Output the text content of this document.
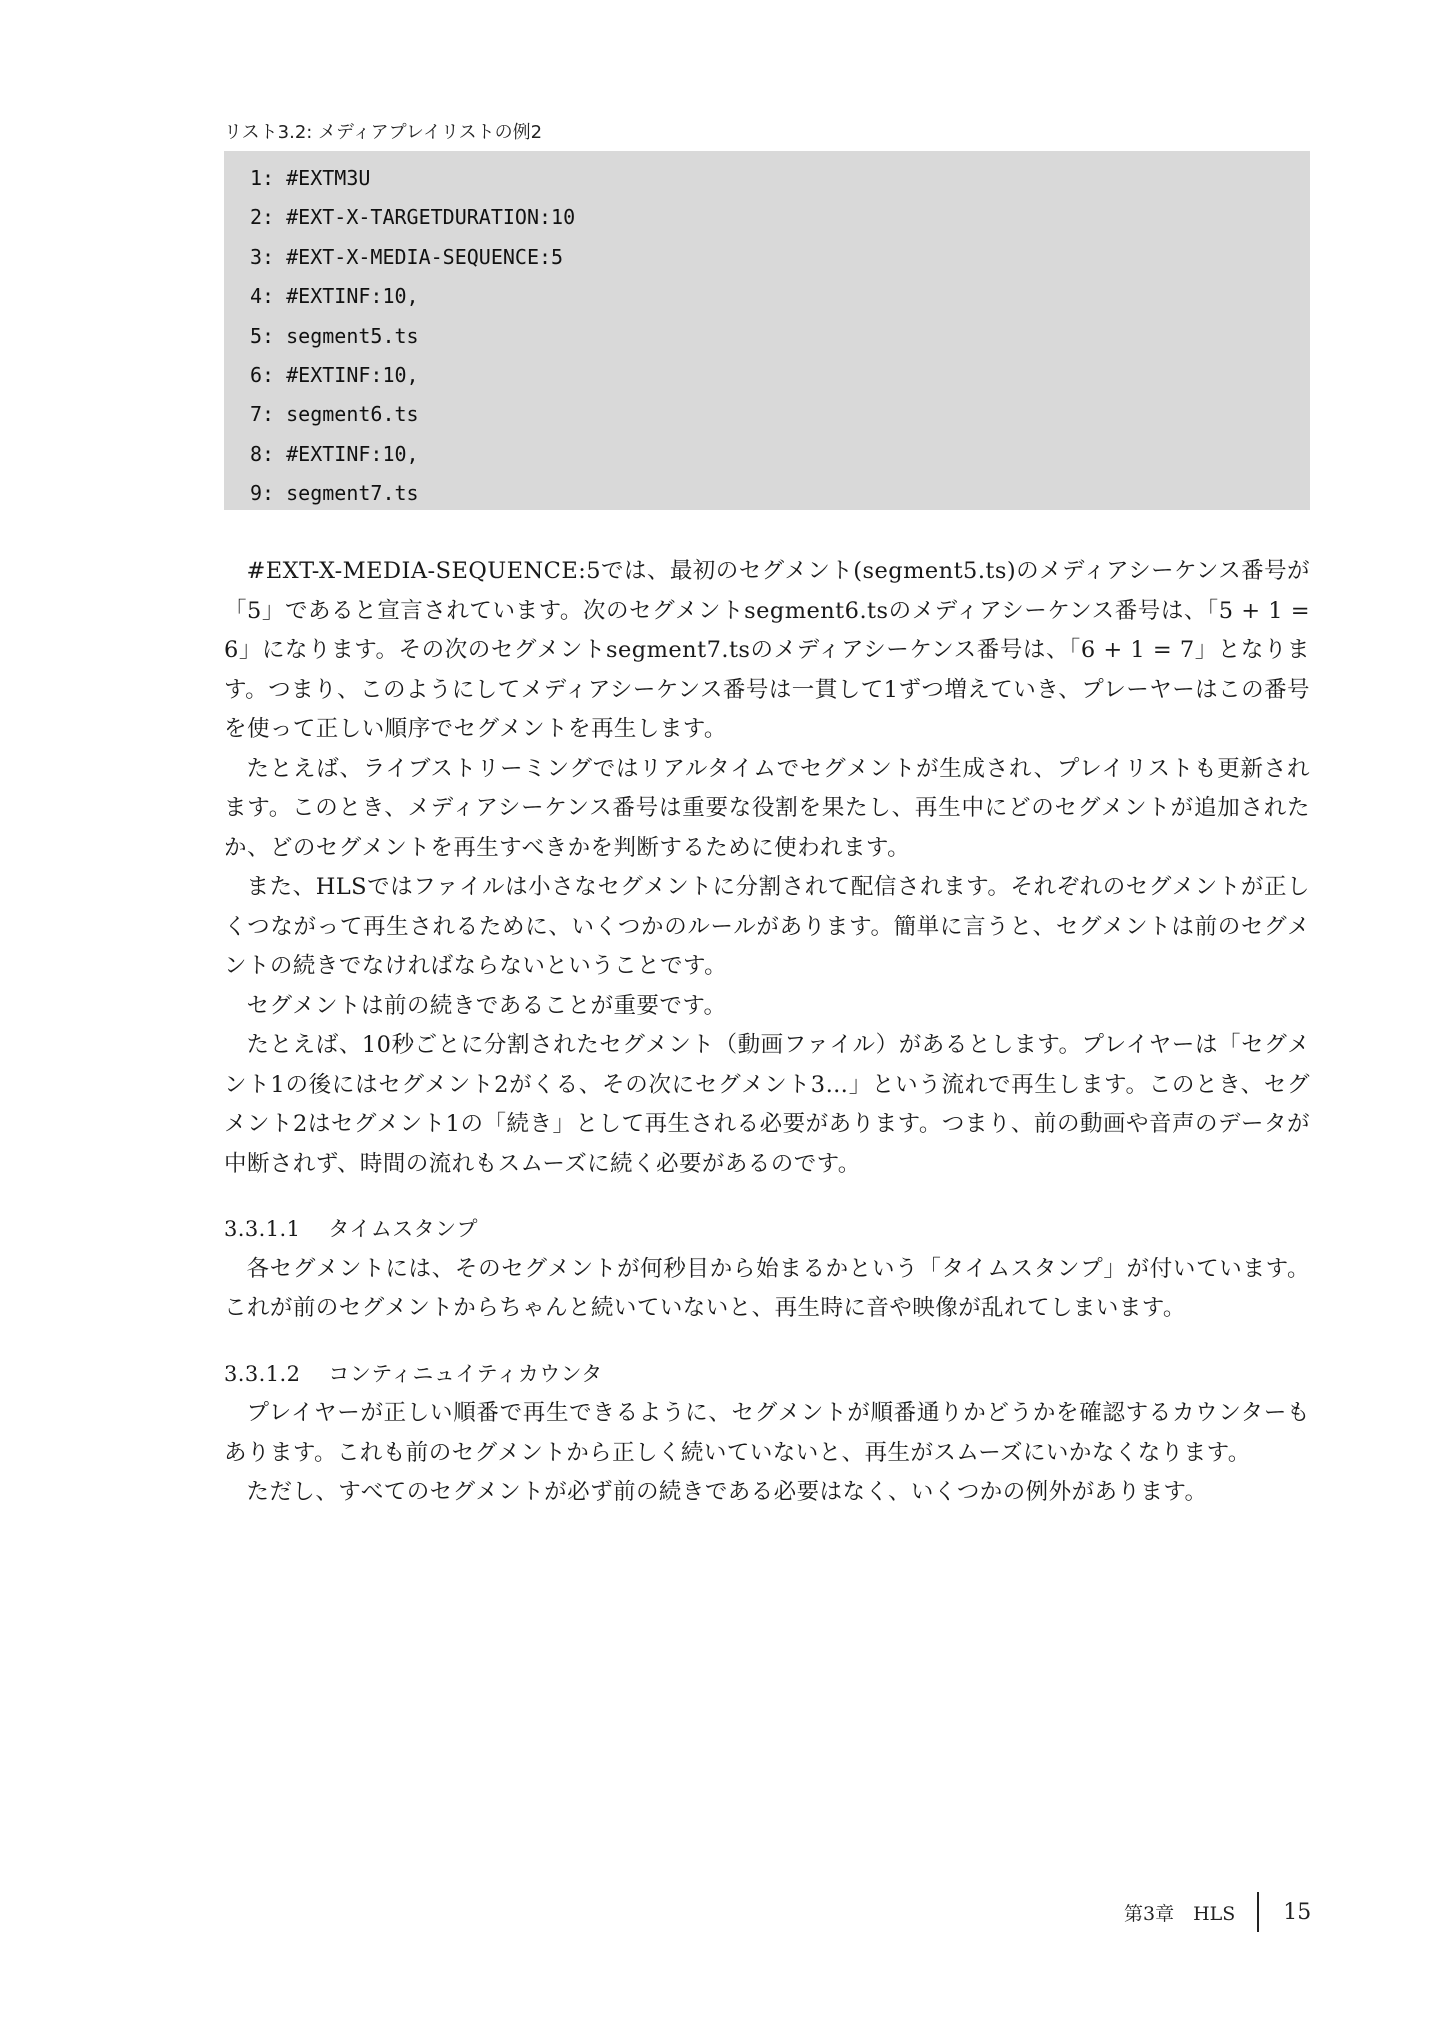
リスト3.2: メディアプレイリストの例2
1: #EXTM3U
2: #EXT-X-TARGETDURATION:10
3: #EXT-X-MEDIA-SEQUENCE:5
4: #EXTINF:10,
5: segment5.ts
6: #EXTINF:10,
7: segment6.ts
8: #EXTINF:10,
9: segment7.ts

#EXT-X-MEDIA-SEQUENCE:5では、最初のセグメント(segment5.ts)のメディアシーケンス番号が「5」であると宣言されています。次のセグメントsegment6.tsのメディアシーケンス番号は、「5 + 1 = 6」になります。その次のセグメントsegment7.tsのメディアシーケンス番号は、「6 + 1 = 7」となります。つまり、このようにしてメディアシーケンス番号は一貫して1ずつ増えていき、プレーヤーはこの番号を使って正しい順序でセグメントを再生します。

たとえば、ライブストリーミングではリアルタイムでセグメントが生成され、プレイリストも更新されます。このとき、メディアシーケンス番号は重要な役割を果たし、再生中にどのセグメントが追加されたか、どのセグメントを再生すべきかを判断するために使われます。

また、HLSではファイルは小さなセグメントに分割されて配信されます。それぞれのセグメントが正しくつながって再生されるために、いくつかのルールがあります。簡単に言うと、セグメントは前のセグメントの続きでなければならないということです。

セグメントは前の続きであることが重要です。

たとえば、10秒ごとに分割されたセグメント（動画ファイル）があるとします。プレイヤーは「セグメント1の後にはセグメント2がくる、その次にセグメント3…」という流れで再生します。このとき、セグメント2はセグメント1の「続き」として再生される必要があります。つまり、前の動画や音声のデータが中断されず、時間の流れもスムーズに続く必要があるのです。

3.3.1.1 タイムスタンプ

各セグメントには、そのセグメントが何秒目から始まるかという「タイムスタンプ」が付いています。これが前のセグメントからちゃんと続いていないと、再生時に音や映像が乱れてしまいます。

3.3.1.2 コンティニュイティカウンタ

プレイヤーが正しい順番で再生できるように、セグメントが順番通りかどうかを確認するカウンターもあります。これも前のセグメントから正しく続いていないと、再生がスムーズにいかなくなります。

ただし、すべてのセグメントが必ず前の続きである必要はなく、いくつかの例外があります。

第3章　HLS 15
